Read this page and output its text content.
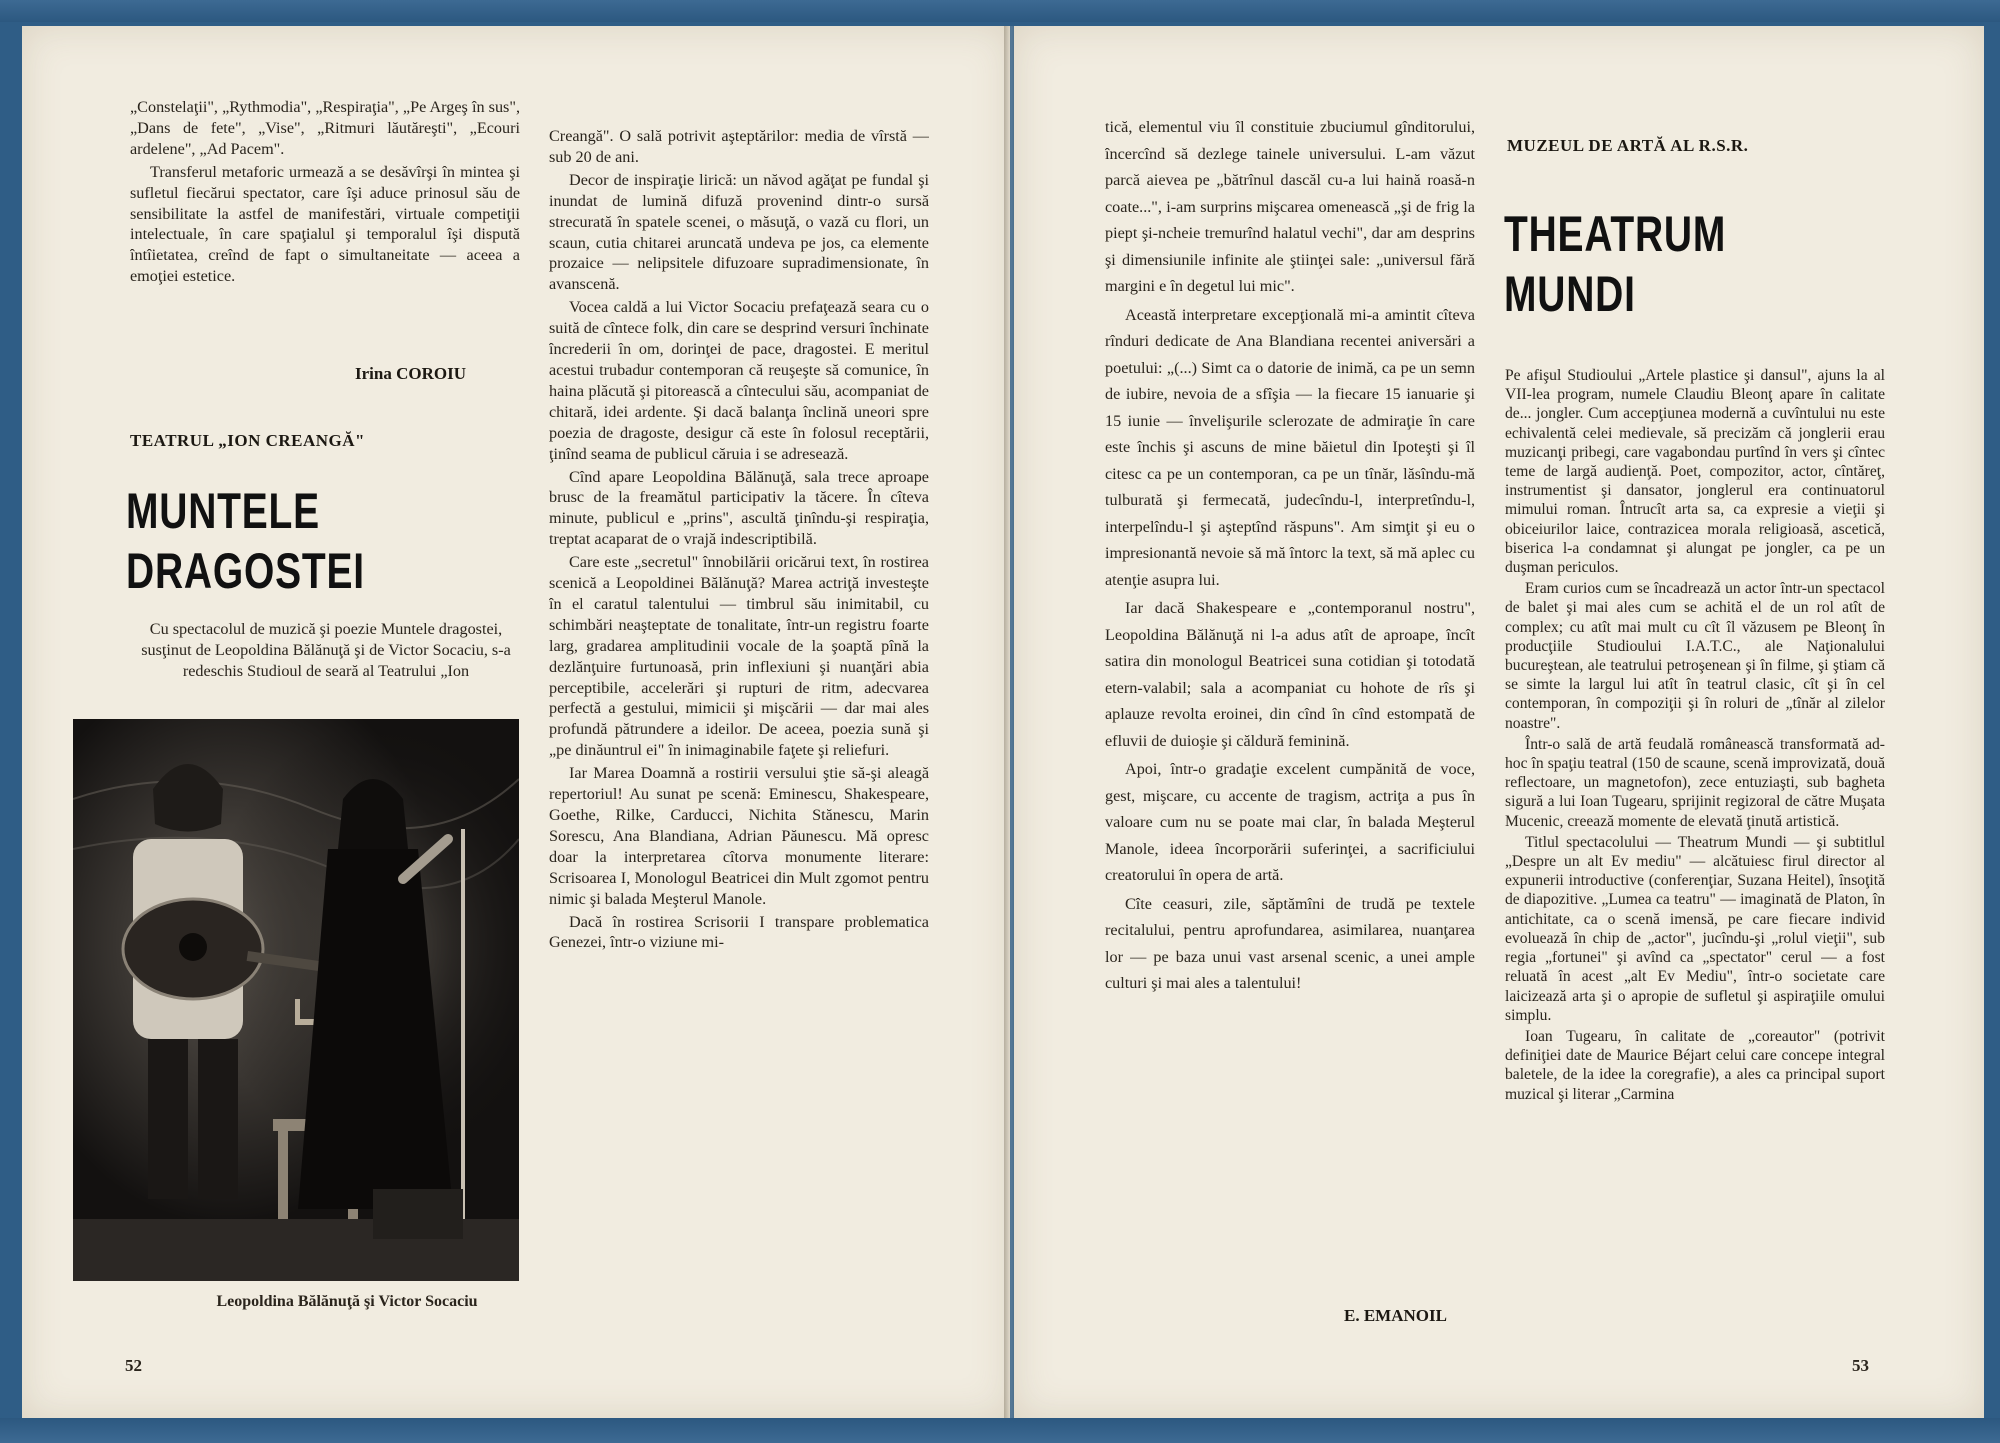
„Constelaţii", „Rythmodia", „Respiraţia", „Pe Argeş în sus", „Dans de fete", „Vise", „Ritmuri lăutăreşti", „Ecouri ardelene", „Ad Pacem".

Transferul metaforic urmează a se desăvîrşi în mintea şi sufletul fiecărui spectator, care îşi aduce prinosul său de sensibilitate la astfel de manifestări, virtuale competiţii intelectuale, în care spaţialul şi temporalul îşi dispută întîietatea, creînd de fapt o simultaneitate — aceea a emoţiei estetice.

Irina COROIU
TEATRUL „ION CREANGĂ"
MUNTELE
DRAGOSTEI

Cu spectacolul de muzică şi poezie Muntele dragostei, susţinut de Leopoldina Bălănuţă şi de Victor Socaciu, s-a redeschis Studioul de seară al Teatrului „Ion

Leopoldina Bălănuţă şi Victor Socaciu

Creangă". O sală potrivit aşteptărilor: media de vîrstă — sub 20 de ani.

Decor de inspiraţie lirică: un năvod agăţat pe fundal şi inundat de lumină difuză provenind dintr-o sursă strecurată în spatele scenei, o măsuţă, o vază cu flori, un scaun, cutia chitarei aruncată undeva pe jos, ca elemente prozaice — nelipsitele difuzoare supradimensionate, în avanscenă.

Vocea caldă a lui Victor Socaciu prefaţează seara cu o suită de cîntece folk, din care se desprind versuri închinate încrederii în om, dorinţei de pace, dragostei. E meritul acestui trubadur contemporan că reuşeşte să comunice, în haina plăcută şi pitorească a cîntecului său, acompaniat de chitară, idei ardente. Şi dacă balanţa înclină uneori spre poezia de dragoste, desigur că este în folosul receptării, ţinînd seama de publicul căruia i se adresează.

Cînd apare Leopoldina Bălănuţă, sala trece aproape brusc de la freamătul participativ la tăcere. În cîteva minute, publicul e „prins", ascultă ţinîndu-şi respiraţia, treptat acaparat de o vrajă indescriptibilă.

Care este „secretul" înnobilării oricărui text, în rostirea scenică a Leopoldinei Bălănuţă? Marea actriţă investeşte în el caratul talentului — timbrul său inimitabil, cu schimbări neaşteptate de tonalitate, într-un registru foarte larg, gradarea amplitudinii vocale de la şoaptă pînă la dezlănţuire furtunoasă, prin inflexiuni şi nuanţări abia perceptibile, accelerări şi rupturi de ritm, adecvarea perfectă a gestului, mimicii şi mişcării — dar mai ales profundă pătrundere a ideilor. De aceea, poezia sună şi „pe dinăuntrul ei" în inimaginabile faţete şi reliefuri.

Iar Marea Doamnă a rostirii versului ştie să-şi aleagă repertoriul! Au sunat pe scenă: Eminescu, Shakespeare, Goethe, Rilke, Carducci, Nichita Stănescu, Marin Sorescu, Ana Blandiana, Adrian Păunescu. Mă opresc doar la interpretarea cîtorva monumente literare: Scrisoarea I, Monologul Beatricei din Mult zgomot pentru nimic şi balada Meşterul Manole.

Dacă în rostirea Scrisorii I transpare problematica Genezei, într-o viziune mi-

52

tică, elementul viu îl constituie zbuciumul gînditorului, încercînd să dezlege tainele universului. L-am văzut parcă aievea pe „bătrînul dascăl cu-a lui haină roasă-n coate...", i-am surprins mişcarea omenească „şi de frig la piept şi-ncheie tremurînd halatul vechi", dar am desprins şi dimensiunile infinite ale ştiinţei sale: „universul fără margini e în degetul lui mic".

Această interpretare excepţională mi-a amintit cîteva rînduri dedicate de Ana Blandiana recentei aniversări a poetului: „(...) Simt ca o datorie de inimă, ca pe un semn de iubire, nevoia de a sfîşia — la fiecare 15 ianuarie şi 15 iunie — învelişurile sclerozate de admiraţie în care este închis şi ascuns de mine băietul din Ipoteşti şi îl citesc ca pe un contemporan, ca pe un tînăr, lăsîndu-mă tulburată şi fermecată, judecîndu-l, interpretîndu-l, interpelîndu-l şi aşteptînd răspuns". Am simţit şi eu o impresionantă nevoie să mă întorc la text, să mă aplec cu atenţie asupra lui.

Iar dacă Shakespeare e „contemporanul nostru", Leopoldina Bălănuţă ni l-a adus atît de aproape, încît satira din monologul Beatricei suna cotidian şi totodată etern-valabil; sala a acompaniat cu hohote de rîs şi aplauze revolta eroinei, din cînd în cînd estompată de efluvii de duioşie şi căldură feminină.

Apoi, într-o gradaţie excelent cumpănită de voce, gest, mişcare, cu accente de tragism, actriţa a pus în valoare cum nu se poate mai clar, în balada Meşterul Manole, ideea încorporării suferinţei, a sacrificiului creatorului în opera de artă.

Cîte ceasuri, zile, săptămîni de trudă pe textele recitalului, pentru aprofundarea, asimilarea, nuanţarea lor — pe baza unui vast arsenal scenic, a unei ample culturi şi mai ales a talentului!

E. EMANOIL
MUZEUL DE ARTĂ AL R.S.R.
THEATRUM
MUNDI

Pe afişul Studioului „Artele plastice şi dansul", ajuns la al VII-lea program, numele Claudiu Bleonţ apare în calitate de... jongler. Cum accepţiunea modernă a cuvîntului nu este echivalentă celei medievale, să precizăm că jonglerii erau muzicanţi pribegi, care vagabondau purtînd în vers şi cîntec teme de largă audienţă. Poet, compozitor, actor, cîntăreţ, instrumentist şi dansator, jonglerul era continuatorul mimului roman. Întrucît arta sa, ca expresie a vieţii şi obiceiurilor laice, contrazicea morala religioasă, ascetică, biserica l-a condamnat şi alungat pe jongler, ca pe un duşman periculos.

Eram curios cum se încadrează un actor într-un spectacol de balet şi mai ales cum se achită el de un rol atît de complex; cu atît mai mult cu cît îl văzusem pe Bleonţ în producţiile Studioului I.A.T.C., ale Naţionalului bucureştean, ale teatrului petroşenean şi în filme, şi ştiam că se simte la largul lui atît în teatrul clasic, cît şi în cel contemporan, în compoziţii şi în roluri de „tînăr al zilelor noastre".

Într-o sală de artă feudală românească transformată ad-hoc în spaţiu teatral (150 de scaune, scenă improvizată, două reflectoare, un magnetofon), zece entuziaşti, sub bagheta sigură a lui Ioan Tugearu, sprijinit regizoral de către Muşata Mucenic, creează momente de elevată ţinută artistică.

Titlul spectacolului — Theatrum Mundi — şi subtitlul „Despre un alt Ev mediu" — alcătuiesc firul director al expunerii introductive (conferenţiar, Suzana Heitel), însoţită de diapozitive. „Lumea ca teatru" — imaginată de Platon, în antichitate, ca o scenă imensă, pe care fiecare individ evoluează în chip de „actor", jucîndu-şi „rolul vieţii", sub regia „fortunei" şi avînd ca „spectator" cerul — a fost reluată în acest „alt Ev Mediu", într-o societate care laicizează arta şi o apropie de sufletul şi aspiraţiile omului simplu.

Ioan Tugearu, în calitate de „coreautor" (potrivit definiţiei date de Maurice Béjart celui care concepe integral baletele, de la idee la coregrafie), a ales ca principal suport muzical şi literar „Carmina

53
